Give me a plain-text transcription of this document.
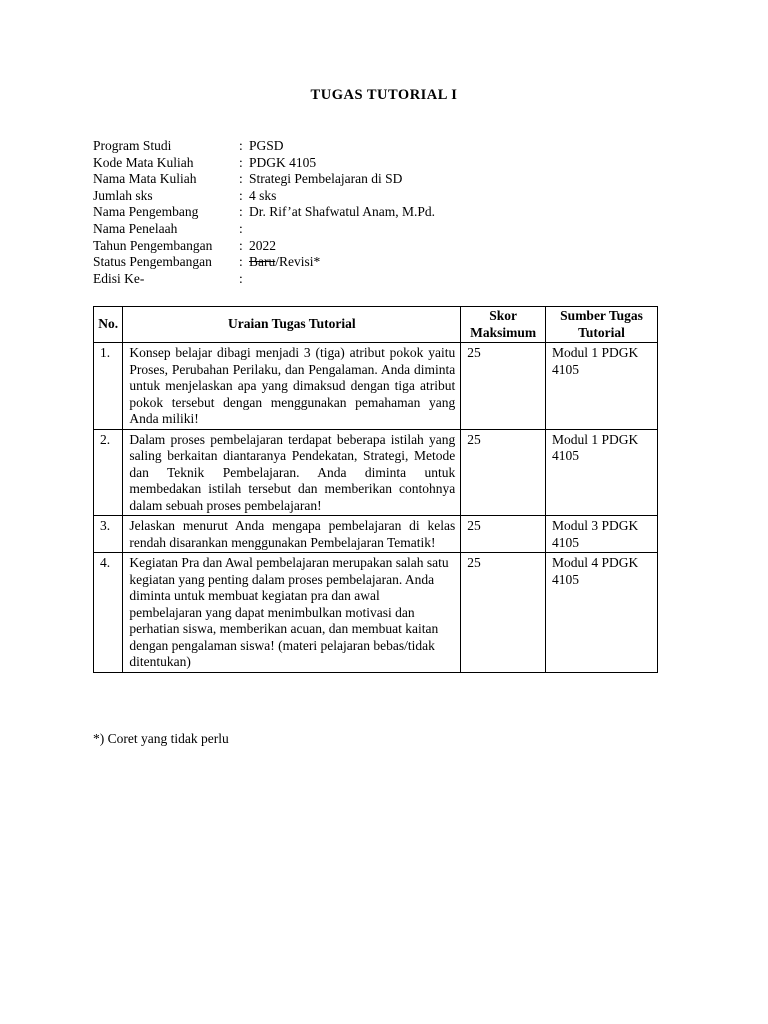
TUGAS TUTORIAL I
Program Studi	: PGSD
Kode Mata Kuliah	: PDGK 4105
Nama Mata Kuliah	: Strategi Pembelajaran di SD
Jumlah sks	: 4 sks
Nama Pengembang	: Dr. Rif’at Shafwatul Anam, M.Pd.
Nama Penelaah	:
Tahun Pengembangan	: 2022
Status Pengembangan	: Baru/Revisi*
Edisi Ke-	:
No.	Uraian Tugas Tutorial	Skor Maksimum	Sumber Tugas Tutorial
1.	Konsep belajar dibagi menjadi 3 (tiga) atribut pokok yaitu Proses, Perubahan Perilaku, dan Pengalaman. Anda diminta untuk menjelaskan apa yang dimaksud dengan tiga atribut pokok tersebut dengan menggunakan pemahaman yang Anda miliki!	25	Modul 1 PDGK 4105
2.	Dalam proses pembelajaran terdapat beberapa istilah yang saling berkaitan diantaranya Pendekatan, Strategi, Metode dan Teknik Pembelajaran. Anda diminta untuk membedakan istilah tersebut dan memberikan contohnya dalam sebuah proses pembelajaran!	25	Modul 1 PDGK 4105
3.	Jelaskan menurut Anda mengapa pembelajaran di kelas rendah disarankan menggunakan Pembelajaran Tematik!	25	Modul 3 PDGK 4105
4.	Kegiatan Pra dan Awal pembelajaran merupakan salah satu kegiatan yang penting dalam proses pembelajaran. Anda diminta untuk membuat kegiatan pra dan awal pembelajaran yang dapat menimbulkan motivasi dan perhatian siswa, memberikan acuan, dan membuat kaitan dengan pengalaman siswa! (materi pelajaran bebas/tidak ditentukan)	25	Modul 4 PDGK 4105
*) Coret yang tidak perlu
